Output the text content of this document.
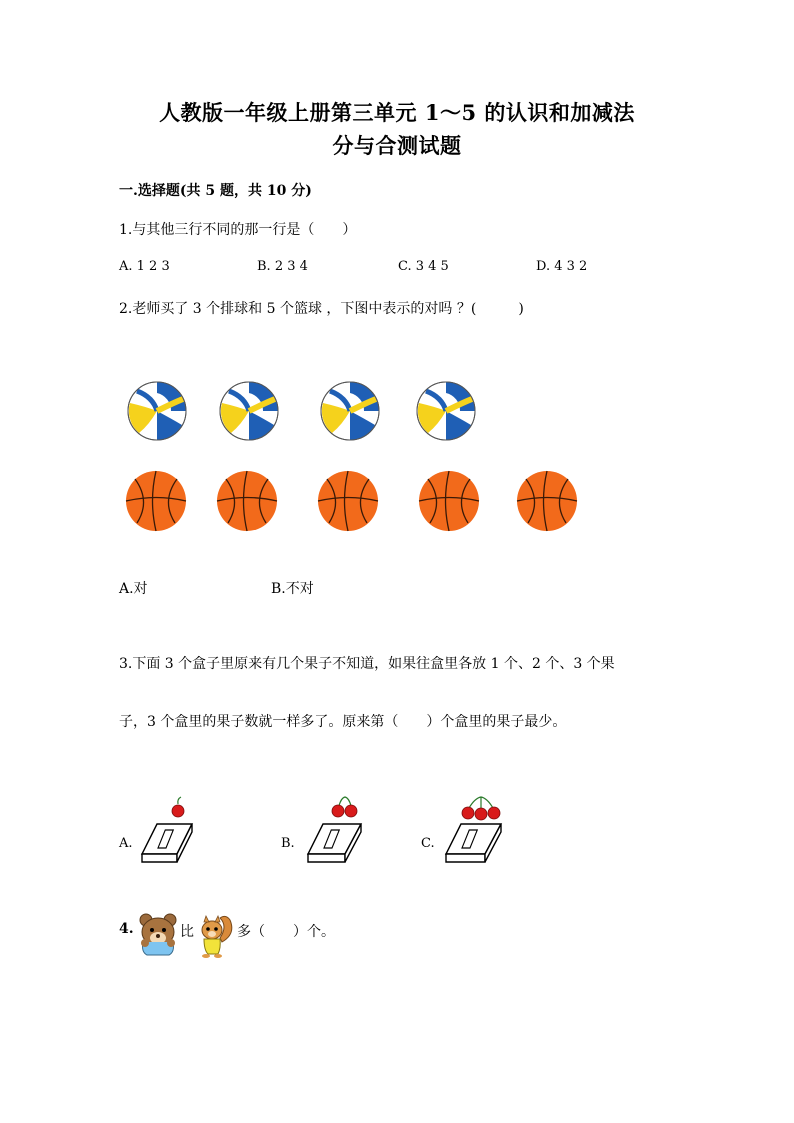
人教版一年级上册第三单元 1～5 的认识和加减法
分与合测试题
一.选择题(共 5 题，共 10 分)
1.与其他三行不同的那一行是（　　）
A. 1 2 3	B. 2 3 4	C. 3 4 5	D. 4 3 2
2.老师买了 3 个排球和 5 个篮球 ，下图中表示的对吗 ？(　　　)
A.对	B.不对
3.下面 3 个盒子里原来有几个果子不知道，如果往盒里各放 1 个、2 个、3 个果
子，3 个盒里的果子数就一样多了。原来第（　　）个盒里的果子最少。
A.	B.	C.
4.	比	多（　　）个。
